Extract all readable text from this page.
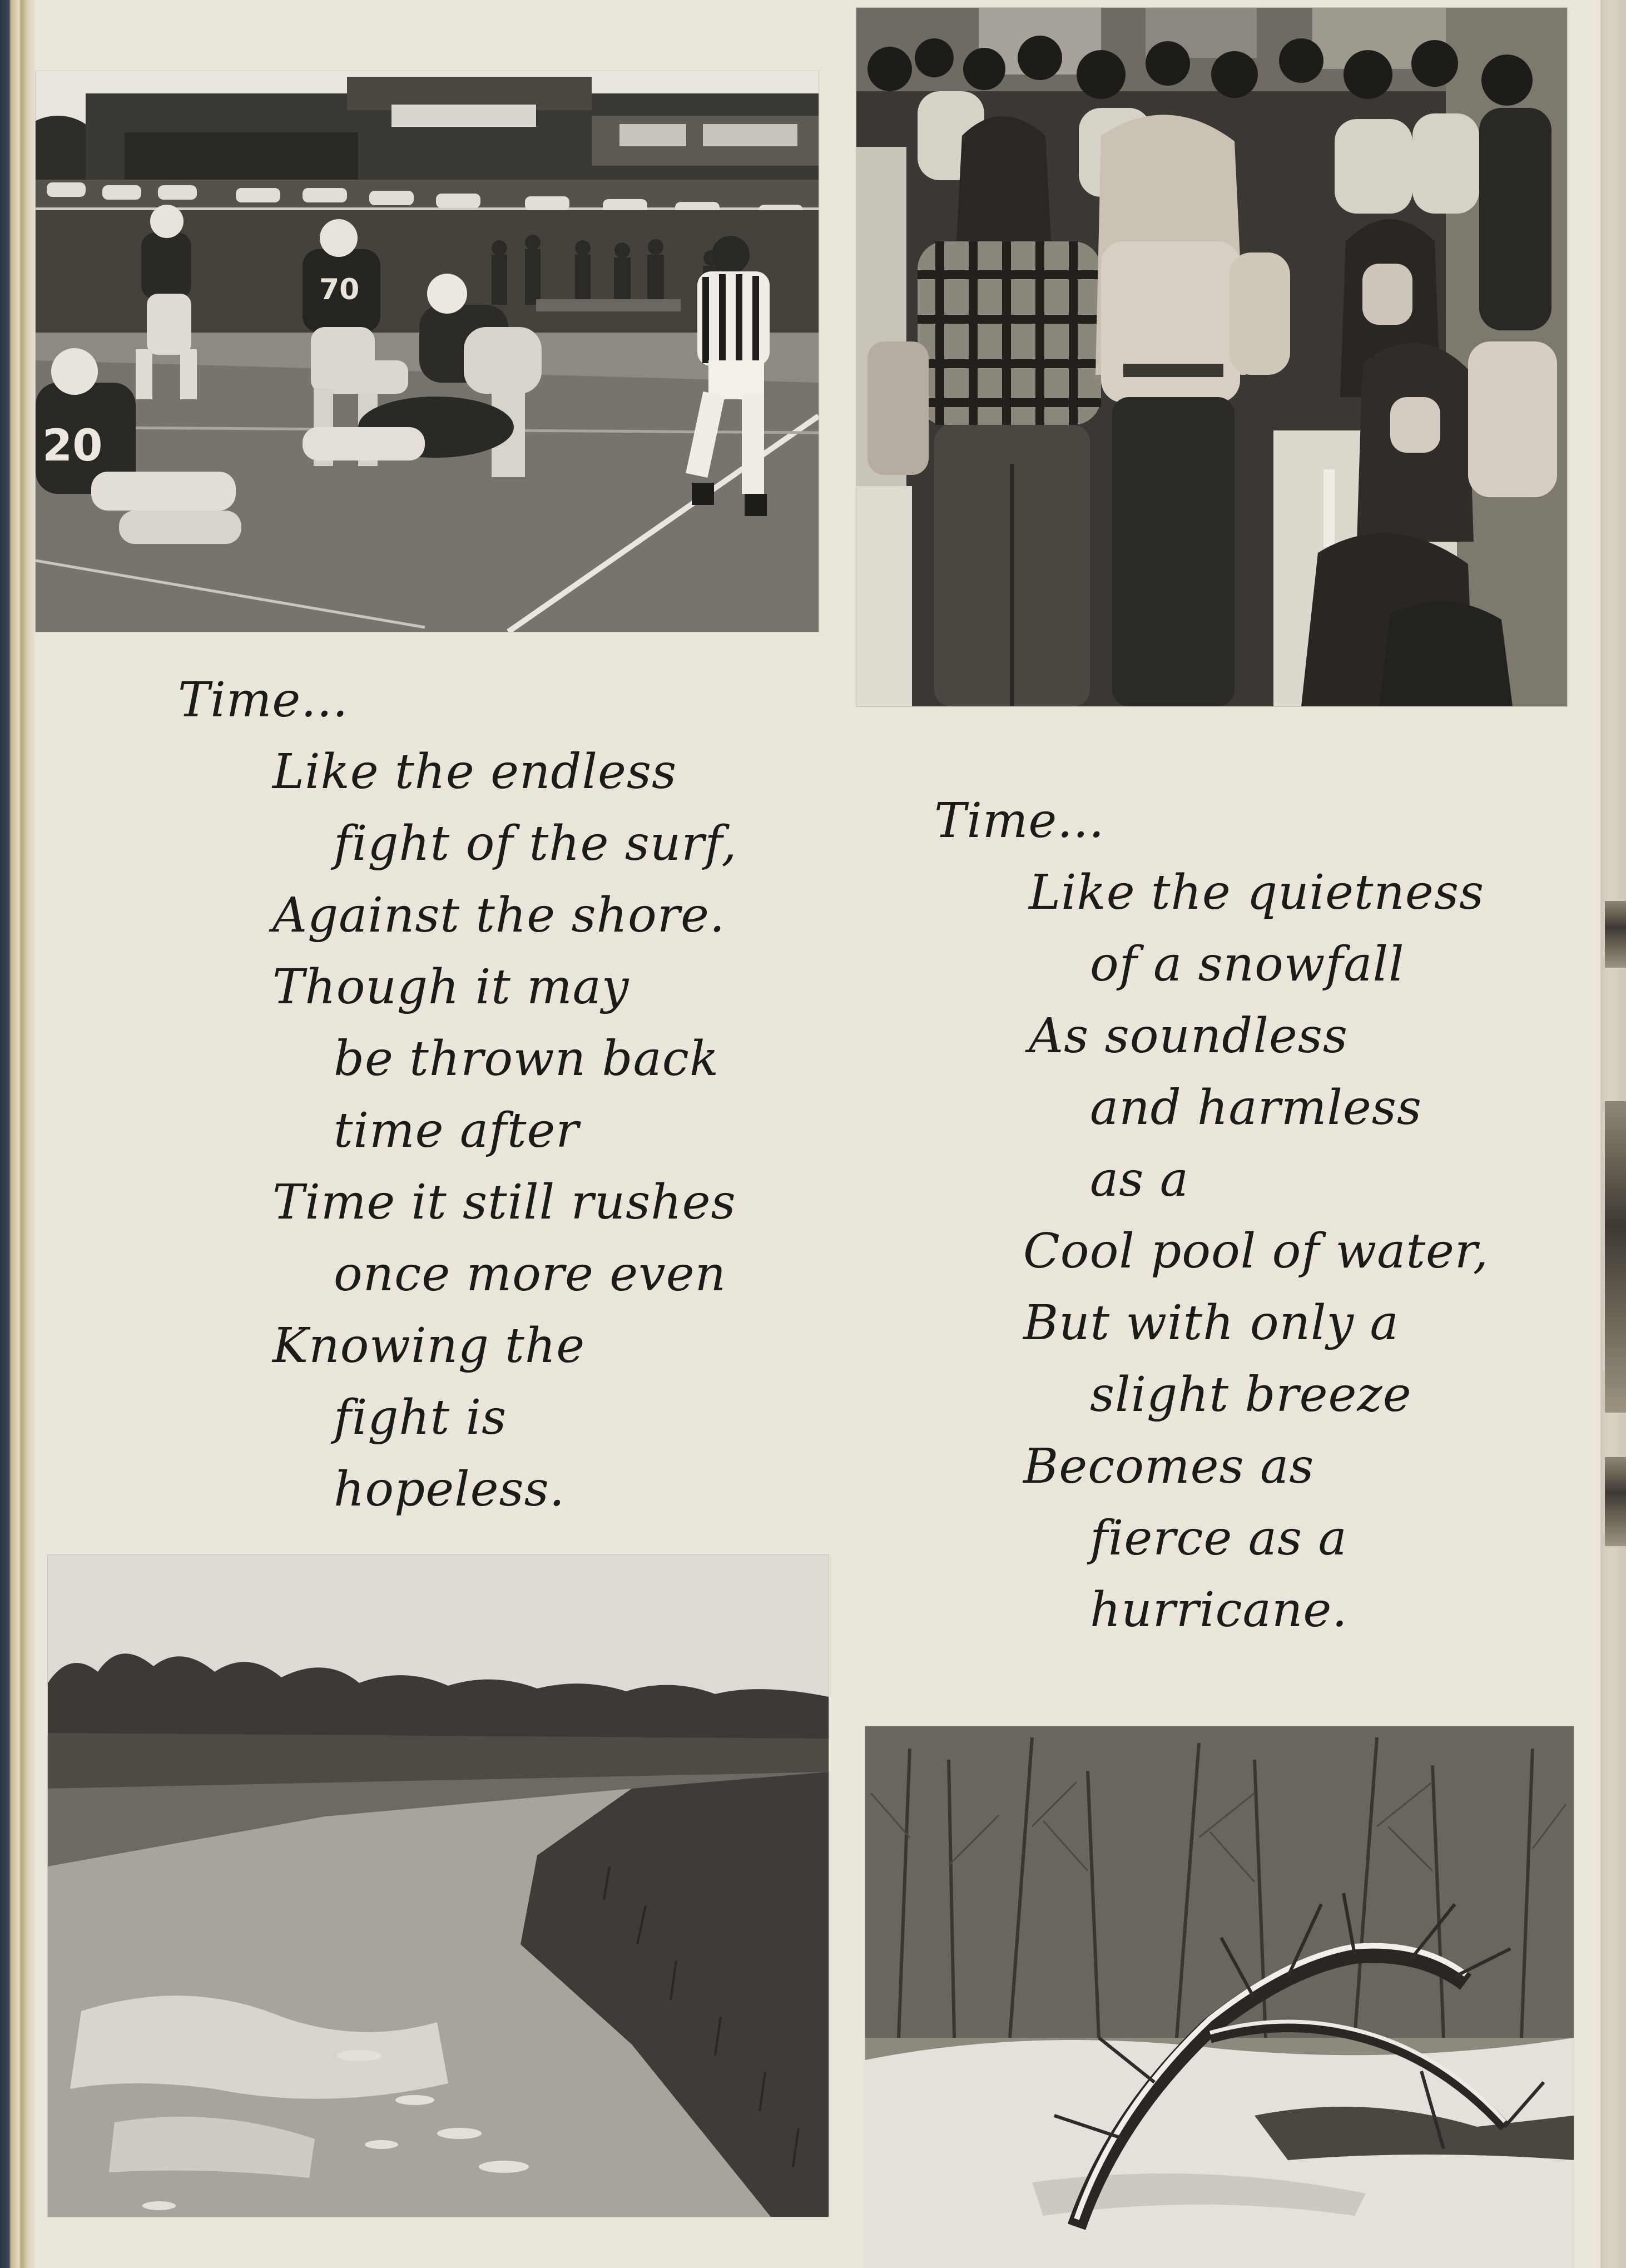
70
20
Time...
Like the endless
fight of the surf,
Against the shore.
Though it may
be thrown back
time after
Time it still rushes
once more even
Knowing the
fight is
hopeless.
Time...
Like the quietness
of a snowfall
As soundless
and harmless
as a
Cool pool of water,
But with only a
slight breeze
Becomes as
fierce as a
hurricane.
